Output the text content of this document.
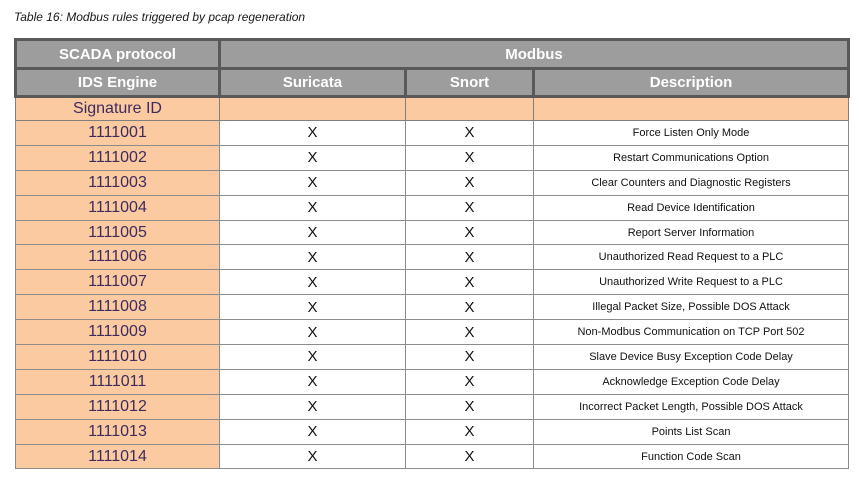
Table 16: Modbus rules triggered by pcap regeneration
SCADA protocol	Modbus		
IDS Engine	Suricata	Snort	Description
Signature ID			
1111001	X	X	Force Listen Only Mode
1111002	X	X	Restart Communications Option
1111003	X	X	Clear Counters and Diagnostic Registers
1111004	X	X	Read Device Identification
1111005	X	X	Report Server Information
1111006	X	X	Unauthorized Read Request to a PLC
1111007	X	X	Unauthorized Write Request to a PLC
1111008	X	X	Illegal Packet Size, Possible DOS Attack
1111009	X	X	Non-Modbus Communication on TCP Port 502
1111010	X	X	Slave Device Busy Exception Code Delay
1111011	X	X	Acknowledge Exception Code Delay
1111012	X	X	Incorrect Packet Length, Possible DOS Attack
1111013	X	X	Points List Scan
1111014	X	X	Function Code Scan
